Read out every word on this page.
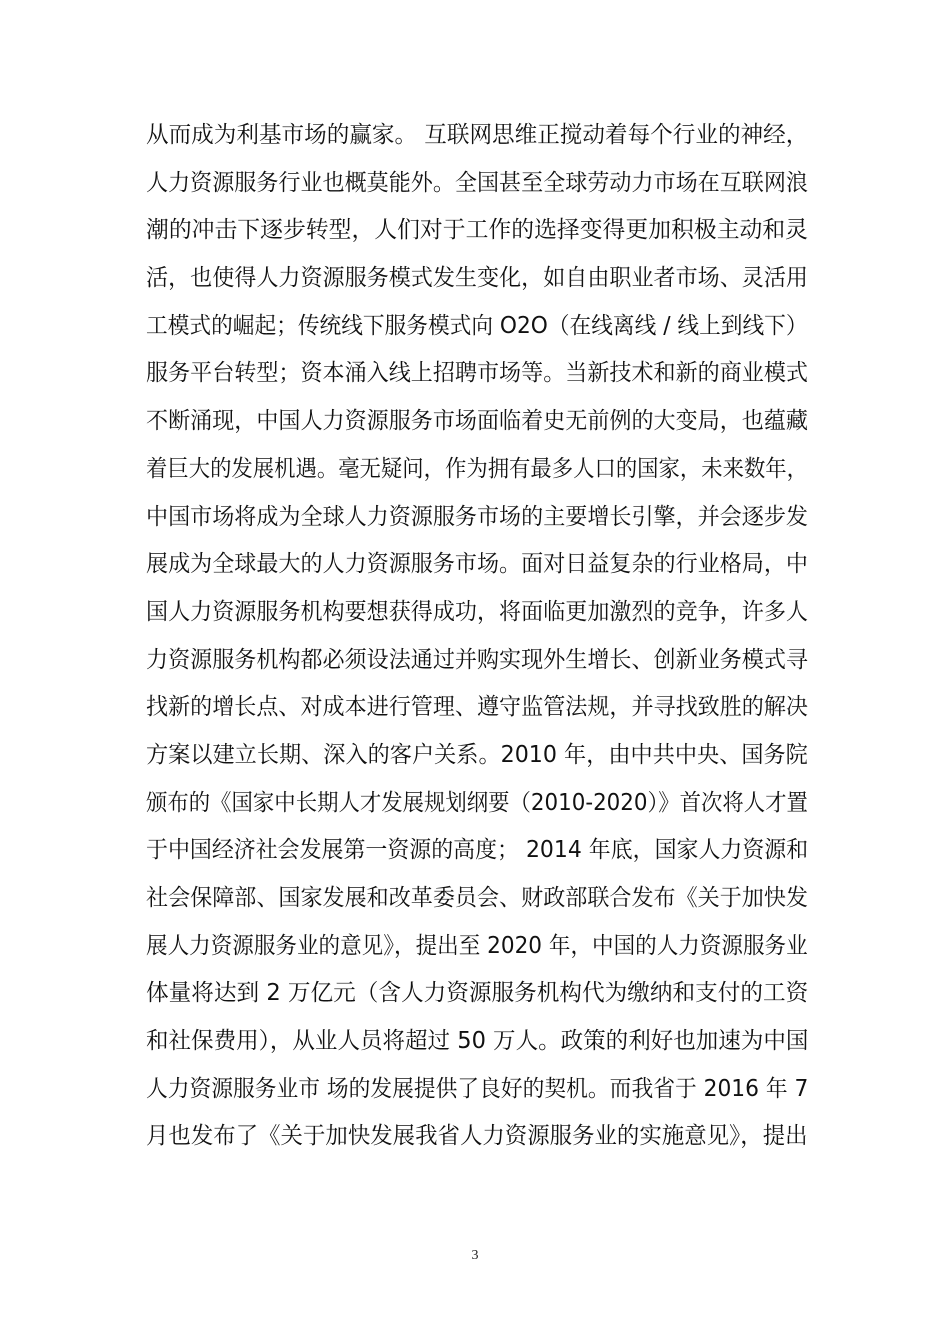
从而成为利基市场的赢家。 互联网思维正搅动着每个行业的神经，
人力资源服务行业也概莫能外。全国甚至全球劳动力市场在互联网浪
潮的冲击下逐步转型，人们对于工作的选择变得更加积极主动和灵
活，也使得人力资源服务模式发生变化，如自由职业者市场、灵活用
工模式的崛起；传统线下服务模式向 O2O（在线离线 / 线上到线下）
服务平台转型；资本涌入线上招聘市场等。当新技术和新的商业模式
不断涌现，中国人力资源服务市场面临着史无前例的大变局，也蕴藏
着巨大的发展机遇。毫无疑问，作为拥有最多人口的国家，未来数年，
中国市场将成为全球人力资源服务市场的主要增长引擎，并会逐步发
展成为全球最大的人力资源服务市场。面对日益复杂的行业格局，中
国人力资源服务机构要想获得成功，将面临更加激烈的竞争，许多人
力资源服务机构都必须设法通过并购实现外生增长、创新业务模式寻
找新的增长点、对成本进行管理、遵守监管法规，并寻找致胜的解决
方案以建立长期、深入的客户关系。2010 年，由中共中央、国务院
颁布的《国家中长期人才发展规划纲要（2010-2020）》首次将人才置
于中国经济社会发展第一资源的高度； 2014 年底，国家人力资源和
社会保障部、国家发展和改革委员会、财政部联合发布《关于加快发
展人力资源服务业的意见》，提出至 2020 年，中国的人力资源服务业
体量将达到 2 万亿元（含人力资源服务机构代为缴纳和支付的工资
和社保费用），从业人员将超过 50 万人。政策的利好也加速为中国
人力资源服务业市 场的发展提供了良好的契机。而我省于 2016 年 7
月也发布了《关于加快发展我省人力资源服务业的实施意见》，提出
3
